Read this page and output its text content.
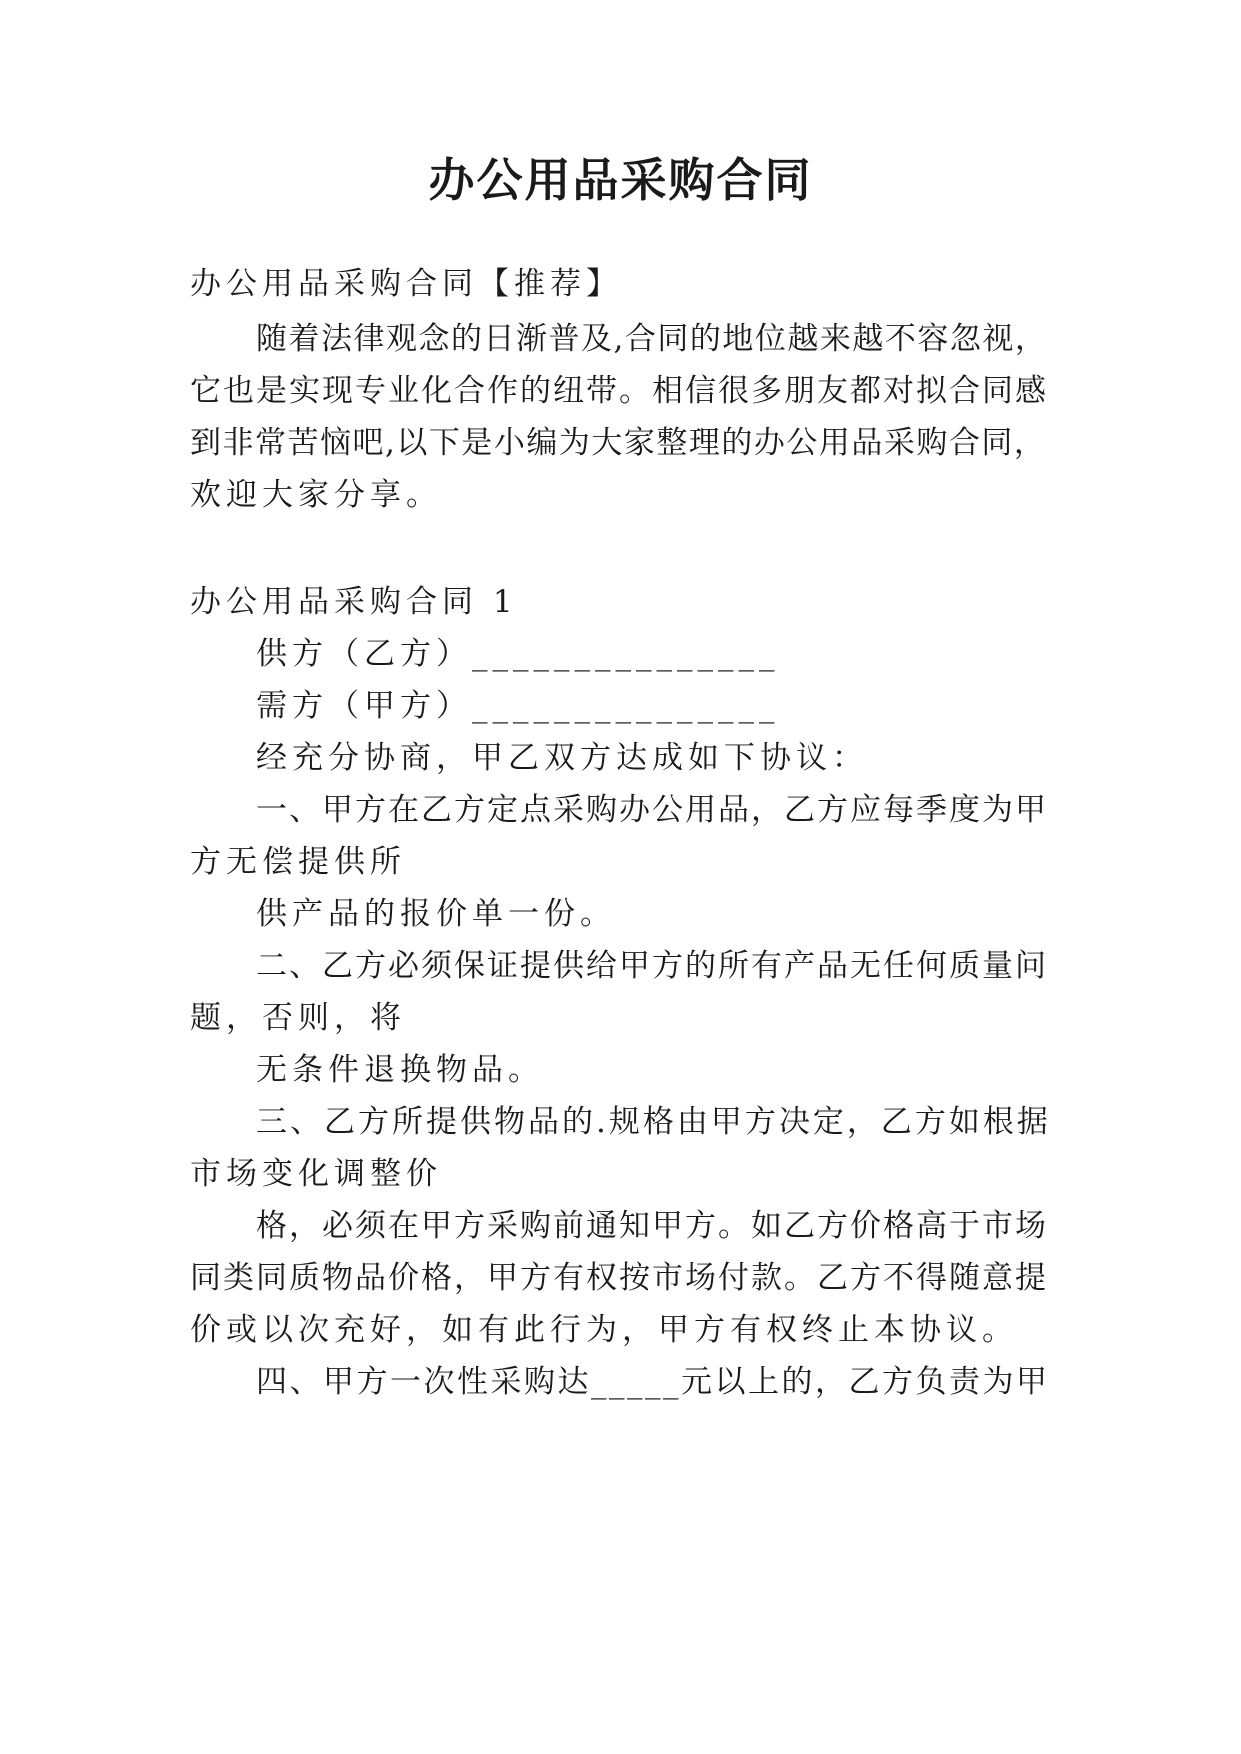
办公用品采购合同
办公用品采购合同【推荐】
随着法律观念的日渐普及,合同的地位越来越不容忽视，
它也是实现专业化合作的纽带。相信很多朋友都对拟合同感
到非常苦恼吧,以下是小编为大家整理的办公用品采购合同，
欢迎大家分享。
办公用品采购合同 1
供方（乙方）_______________
需方（甲方）_______________
经充分协商，甲乙双方达成如下协议：
一、甲方在乙方定点采购办公用品，乙方应每季度为甲
方无偿提供所
供产品的报价单一份。
二、乙方必须保证提供给甲方的所有产品无任何质量问
题，否则，将
无条件退换物品。
三、乙方所提供物品的.规格由甲方决定，乙方如根据
市场变化调整价
格，必须在甲方采购前通知甲方。如乙方价格高于市场
同类同质物品价格，甲方有权按市场付款。乙方不得随意提
价或以次充好，如有此行为，甲方有权终止本协议。
四、甲方一次性采购达_____元以上的，乙方负责为甲
